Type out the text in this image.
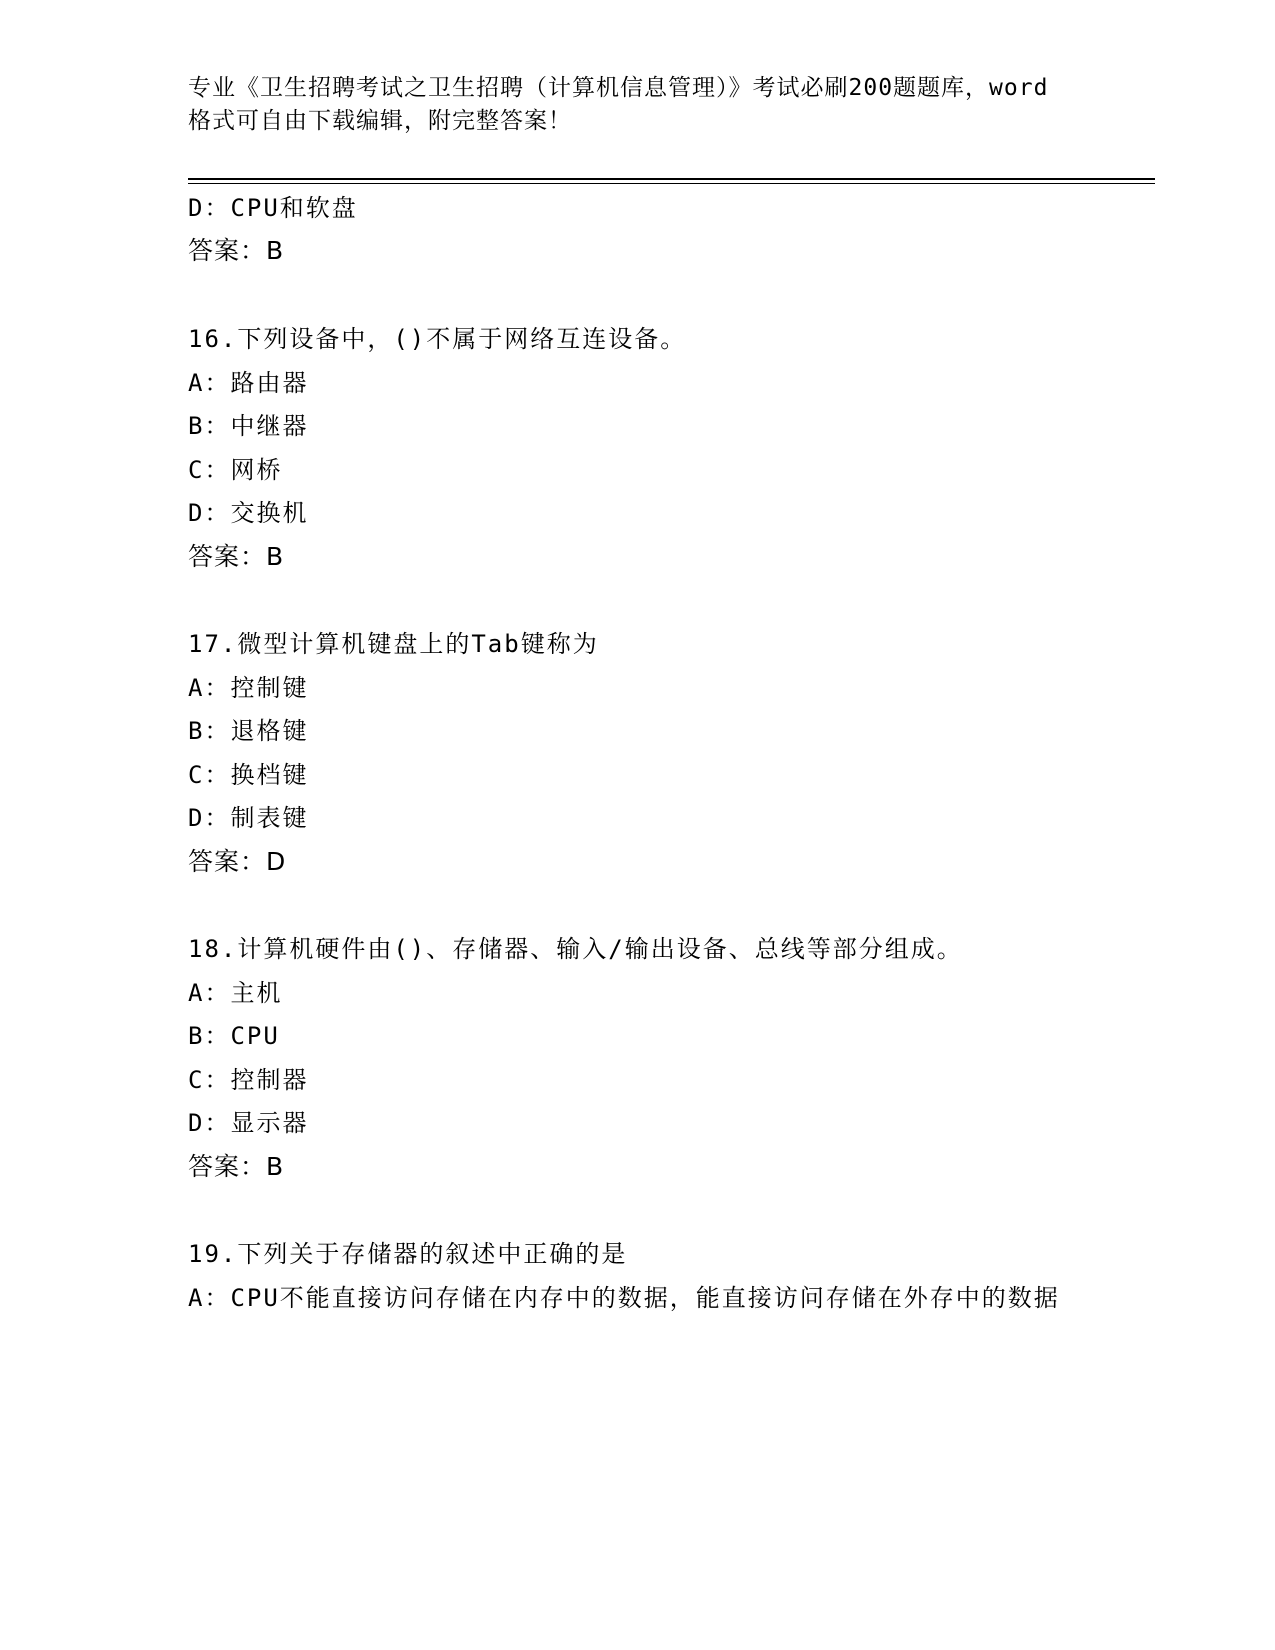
专业《卫生招聘考试之卫生招聘（计算机信息管理）》考试必刷200题题库，word
格式可自由下载编辑，附完整答案！
D：CPU和软盘
答案：B
16.下列设备中，()不属于网络互连设备。
A：路由器
B：中继器
C：网桥
D：交换机
答案：B
17.微型计算机键盘上的Tab键称为
A：控制键
B：退格键
C：换档键
D：制表键
答案：D
18.计算机硬件由()、存储器、输入/输出设备、总线等部分组成。
A：主机
B：CPU
C：控制器
D：显示器
答案：B
19.下列关于存储器的叙述中正确的是
A：CPU不能直接访问存储在内存中的数据，能直接访问存储在外存中的数据
